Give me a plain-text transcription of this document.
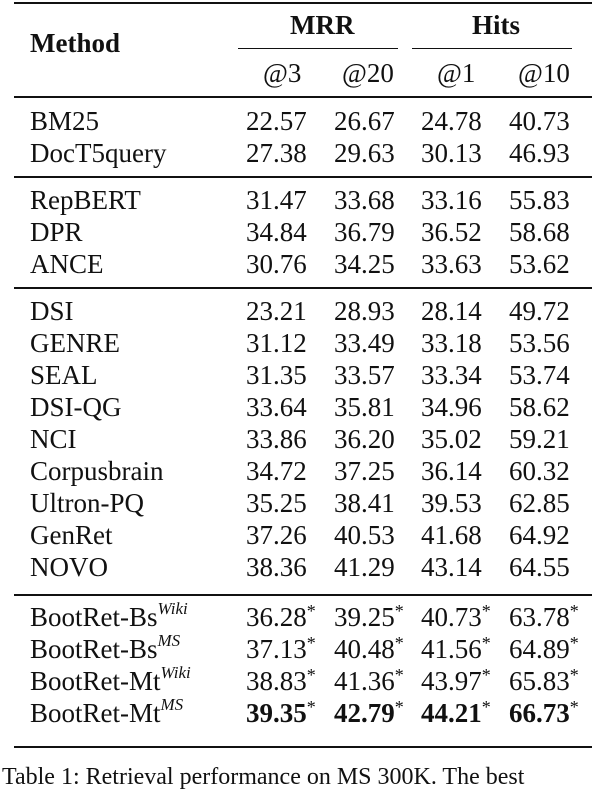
Method
MRR	Hits
@3 @20 @1 @10
BM25	22.57 26.67 24.78 40.73
DocT5query	27.38 29.63 30.13 46.93
RepBERT	31.47 33.68 33.16 55.83
DPR	34.84 36.79 36.52 58.68
ANCE	30.76 34.25 33.63 53.62
DSI	23.21 28.93 28.14 49.72
GENRE	31.12 33.49 33.18 53.56
SEAL	31.35 33.57 33.34 53.74
DSI-QG	33.64 35.81 34.96 58.62
NCI	33.86 36.20 35.02 59.21
Corpusbrain	34.72 37.25 36.14 60.32
Ultron-PQ	35.25 38.41 39.53 62.85
GenRet	37.26 40.53 41.68 64.92
NOVO	38.36 41.29 43.14 64.55
BootRet-$Bs^{Wiki}$ 36.28* 39.25* 40.73* 63.78*
BootRet-$Bs^{MS}$ 37.13* 40.48* 41.56* 64.89*
BootRet-$Mt^{Wiki}$ 38.83* 41.36* 43.97* 65.83*
BootRet-$Mt^{MS}$ 39.35* 42.79* 44.21* 66.73*
Table 1: Retrieval performance on MS 300K. The best
